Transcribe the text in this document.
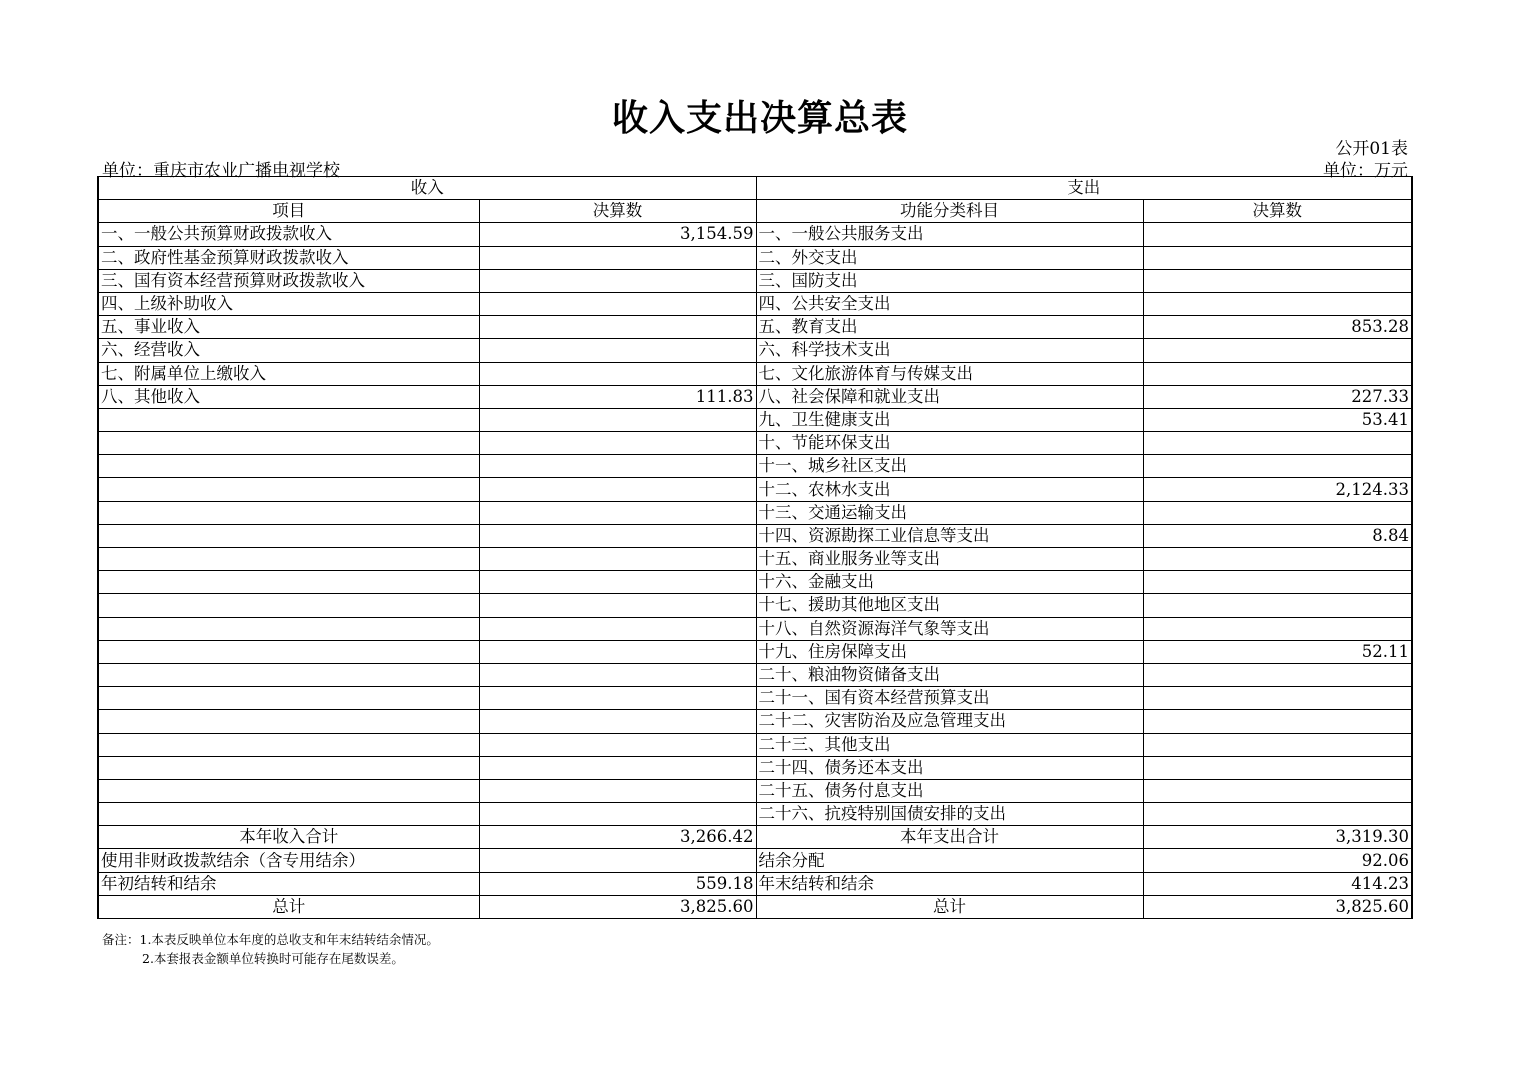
收入支出决算总表
公开01表
单位：重庆市农业广播电视学校	单位：万元
收入		支出	
项目	决算数	功能分类科目	决算数
一、一般公共预算财政拨款收入	3,154.59	一、一般公共服务支出	
二、政府性基金预算财政拨款收入		二、外交支出	
三、国有资本经营预算财政拨款收入		三、国防支出	
四、上级补助收入		四、公共安全支出	
五、事业收入		五、教育支出	853.28
六、经营收入		六、科学技术支出	
七、附属单位上缴收入		七、文化旅游体育与传媒支出	
八、其他收入	111.83	八、社会保障和就业支出	227.33
		九、卫生健康支出	53.41
		十、节能环保支出	
		十一、城乡社区支出	
		十二、农林水支出	2,124.33
		十三、交通运输支出	
		十四、资源勘探工业信息等支出	8.84
		十五、商业服务业等支出	
		十六、金融支出	
		十七、援助其他地区支出	
		十八、自然资源海洋气象等支出	
		十九、住房保障支出	52.11
		二十、粮油物资储备支出	
		二十一、国有资本经营预算支出	
		二十二、灾害防治及应急管理支出	
		二十三、其他支出	
		二十四、债务还本支出	
		二十五、债务付息支出	
		二十六、抗疫特别国债安排的支出	
本年收入合计	3,266.42	本年支出合计	3,319.30
使用非财政拨款结余（含专用结余）		结余分配	92.06
年初结转和结余	559.18	年末结转和结余	414.23
总计	3,825.60	总计	3,825.60
备注：1.本表反映单位本年度的总收支和年末结转结余情况。
2.本套报表金额单位转换时可能存在尾数误差。
